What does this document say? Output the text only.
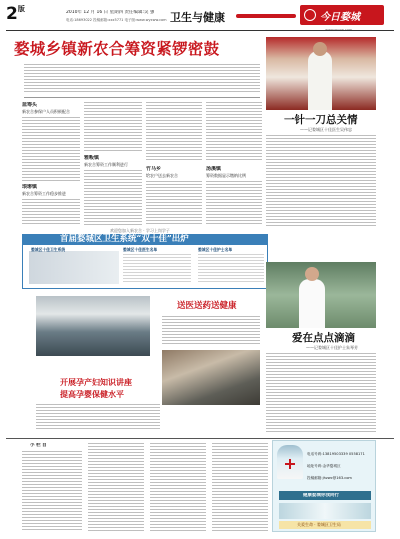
$2^版$	2010年 12 月 16 日 星期四 责任编辑:吴 强
电话:18693022 投稿邮箱:xxx5771 电子版:www.wyxww.com 卫生与健康	今日婺城
婺城乡镇新农合筹资紧锣密鼓
蓝筹头
新农合参保户人员积极配合
琅琊镇
新农合筹资工作稳步推进
雅畈镇
新农合筹资工作顺利进行
竹马乡
给农户送去新农合
汤溪镇
筹资数据显示缴纳比例
欢迎您加入新农合 · 学习上岗学子
一针一刀总关情
——记婺城区十佳医生吴伟忠
首届婺城区卫生系统“双十佳”出炉
婺城区十佳卫生系统	婺城区十佳医生名单	婺城区十佳护士名单
爱在点点滴滴
——记婺城区十佳护士朱琴芳
送医送药送健康
开展孕产妇知识讲座
提高孕婴保健水平
小 栏 目
电话号码:13819503339 0558171
地址号码:金华婺城区
投稿邮箱:jhzwc@163.com
健康婺城你我同行
关爱生命 · 婺城区卫生局
